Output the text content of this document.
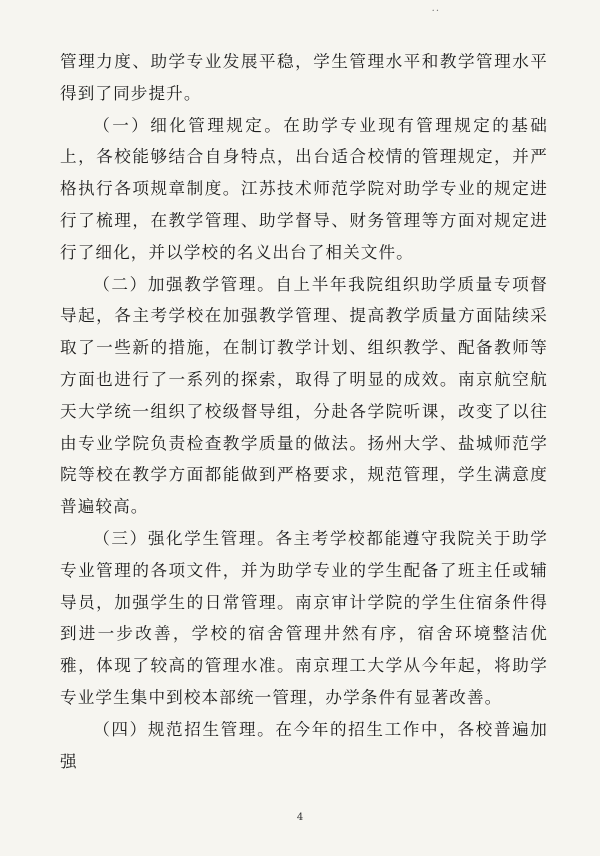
··

管理力度、助学专业发展平稳，学生管理水平和教学管理水平得到了同步提升。

（一）细化管理规定。在助学专业现有管理规定的基础上，各校能够结合自身特点，出台适合校情的管理规定，并严格执行各项规章制度。江苏技术师范学院对助学专业的规定进行了梳理，在教学管理、助学督导、财务管理等方面对规定进行了细化，并以学校的名义出台了相关文件。

（二）加强教学管理。自上半年我院组织助学质量专项督导起，各主考学校在加强教学管理、提高教学质量方面陆续采取了一些新的措施，在制订教学计划、组织教学、配备教师等方面也进行了一系列的探索，取得了明显的成效。南京航空航天大学统一组织了校级督导组，分赴各学院听课，改变了以往由专业学院负责检查教学质量的做法。扬州大学、盐城师范学院等校在教学方面都能做到严格要求，规范管理，学生满意度普遍较高。

（三）强化学生管理。各主考学校都能遵守我院关于助学专业管理的各项文件，并为助学专业的学生配备了班主任或辅导员，加强学生的日常管理。南京审计学院的学生住宿条件得到进一步改善，学校的宿舍管理井然有序，宿舍环境整洁优雅，体现了较高的管理水准。南京理工大学从今年起，将助学专业学生集中到校本部统一管理，办学条件有显著改善。

（四）规范招生管理。在今年的招生工作中，各校普遍加强

4
